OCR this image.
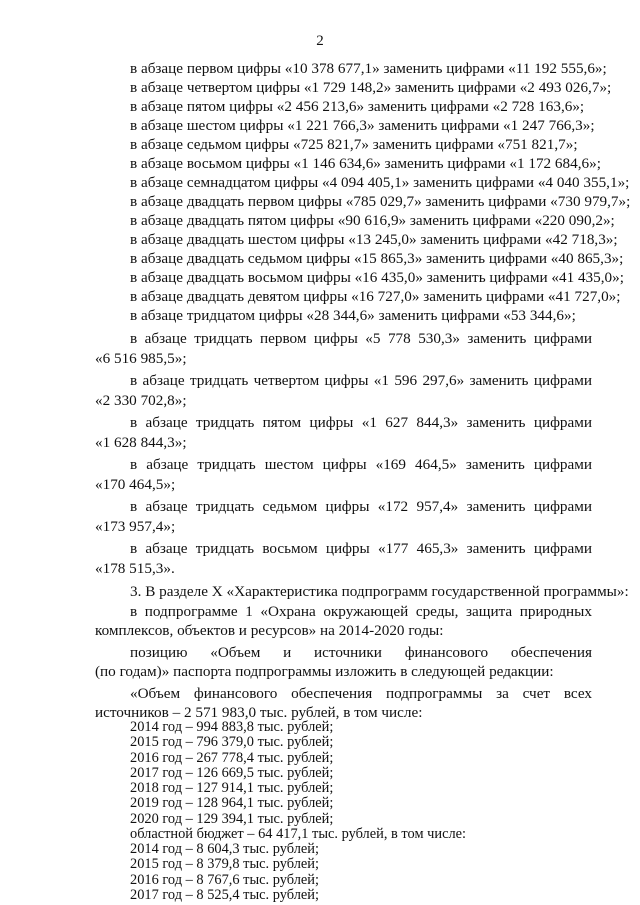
2
в абзаце первом цифры «10 378 677,1» заменить цифрами «11 192 555,6»;
в абзаце четвертом цифры «1 729 148,2» заменить цифрами «2 493 026,7»;
в абзаце пятом цифры «2 456 213,6» заменить цифрами «2 728 163,6»;
в абзаце шестом цифры «1 221 766,3» заменить цифрами «1 247 766,3»;
в абзаце седьмом цифры «725 821,7» заменить цифрами «751 821,7»;
в абзаце восьмом цифры «1 146 634,6» заменить цифрами «1 172 684,6»;
в абзаце семнадцатом цифры «4 094 405,1» заменить цифрами «4 040 355,1»;
в абзаце двадцать первом цифры «785 029,7» заменить цифрами «730 979,7»;
в абзаце двадцать пятом цифры «90 616,9» заменить цифрами «220 090,2»;
в абзаце двадцать шестом цифры «13 245,0» заменить цифрами «42 718,3»;
в абзаце двадцать седьмом цифры «15 865,3» заменить цифрами «40 865,3»;
в абзаце двадцать восьмом цифры «16 435,0» заменить цифрами «41 435,0»;
в абзаце двадцать девятом цифры «16 727,0» заменить цифрами «41 727,0»;
в абзаце тридцатом цифры «28 344,6» заменить цифрами «53 344,6»;
в абзаце тридцать первом цифры «5 778 530,3» заменить цифрами
«6 516 985,5»;
в абзаце тридцать четвертом цифры «1 596 297,6» заменить цифрами
«2 330 702,8»;
в абзаце тридцать пятом цифры «1 627 844,3» заменить цифрами
«1 628 844,3»;
в абзаце тридцать шестом цифры «169 464,5» заменить цифрами
«170 464,5»;
в абзаце тридцать седьмом цифры «172 957,4» заменить цифрами
«173 957,4»;
в абзаце тридцать восьмом цифры «177 465,3» заменить цифрами
«178 515,3».
3. В разделе X «Характеристика подпрограмм государственной программы»:
в подпрограмме 1 «Охрана окружающей среды, защита природных
комплексов, объектов и ресурсов» на 2014-2020 годы:
позицию «Объем и источники финансового обеспечения
(по годам)» паспорта подпрограммы изложить в следующей редакции:
«Объем финансового обеспечения подпрограммы за счет всех
источников – 2 571 983,0 тыс. рублей, в том числе:
2014 год – 994 883,8 тыс. рублей;
2015 год – 796 379,0 тыс. рублей;
2016 год – 267 778,4 тыс. рублей;
2017 год – 126 669,5 тыс. рублей;
2018 год – 127 914,1 тыс. рублей;
2019 год – 128 964,1 тыс. рублей;
2020 год – 129 394,1 тыс. рублей;
областной бюджет – 64 417,1 тыс. рублей, в том числе:
2014 год – 8 604,3 тыс. рублей;
2015 год – 8 379,8 тыс. рублей;
2016 год – 8 767,6 тыс. рублей;
2017 год – 8 525,4 тыс. рублей;
